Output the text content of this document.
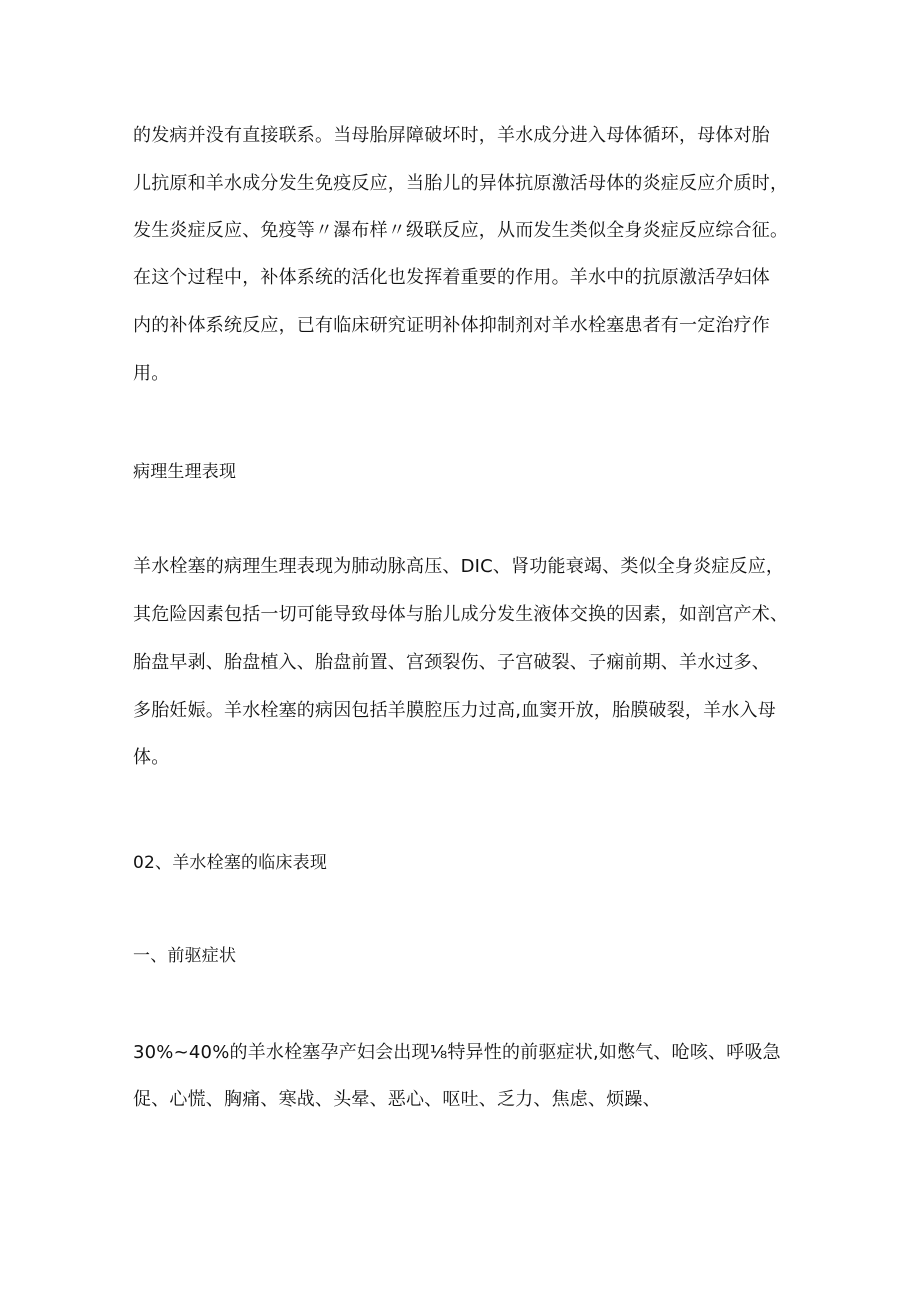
的发病并没有直接联系。当母胎屏障破坏时，羊水成分进入母体循环，母体对胎
儿抗原和羊水成分发生免疫反应，当胎儿的异体抗原激活母体的炎症反应介质时，
发生炎症反应、免疫等〃瀑布样〃级联反应，从而发生类似全身炎症反应综合征。
在这个过程中，补体系统的活化也发挥着重要的作用。羊水中的抗原激活孕妇体
内的补体系统反应，已有临床研究证明补体抑制剂对羊水栓塞患者有一定治疗作
用。
病理生理表现
羊水栓塞的病理生理表现为肺动脉高压、DIC、肾功能衰竭、类似全身炎症反应，
其危险因素包括一切可能导致母体与胎儿成分发生液体交换的因素，如剖宫产术、
胎盘早剥、胎盘植入、胎盘前置、宫颈裂伤、子宫破裂、子痫前期、羊水过多、
多胎妊娠。羊水栓塞的病因包括羊膜腔压力过高,血窦开放，胎膜破裂，羊水入母
体。
02、羊水栓塞的临床表现
一、前驱症状
30%~40%的羊水栓塞孕产妇会出现⅛特异性的前驱症状,如憋气、呛咳、呼吸急
促、心慌、胸痛、寒战、头晕、恶心、呕吐、乏力、焦虑、烦躁、
